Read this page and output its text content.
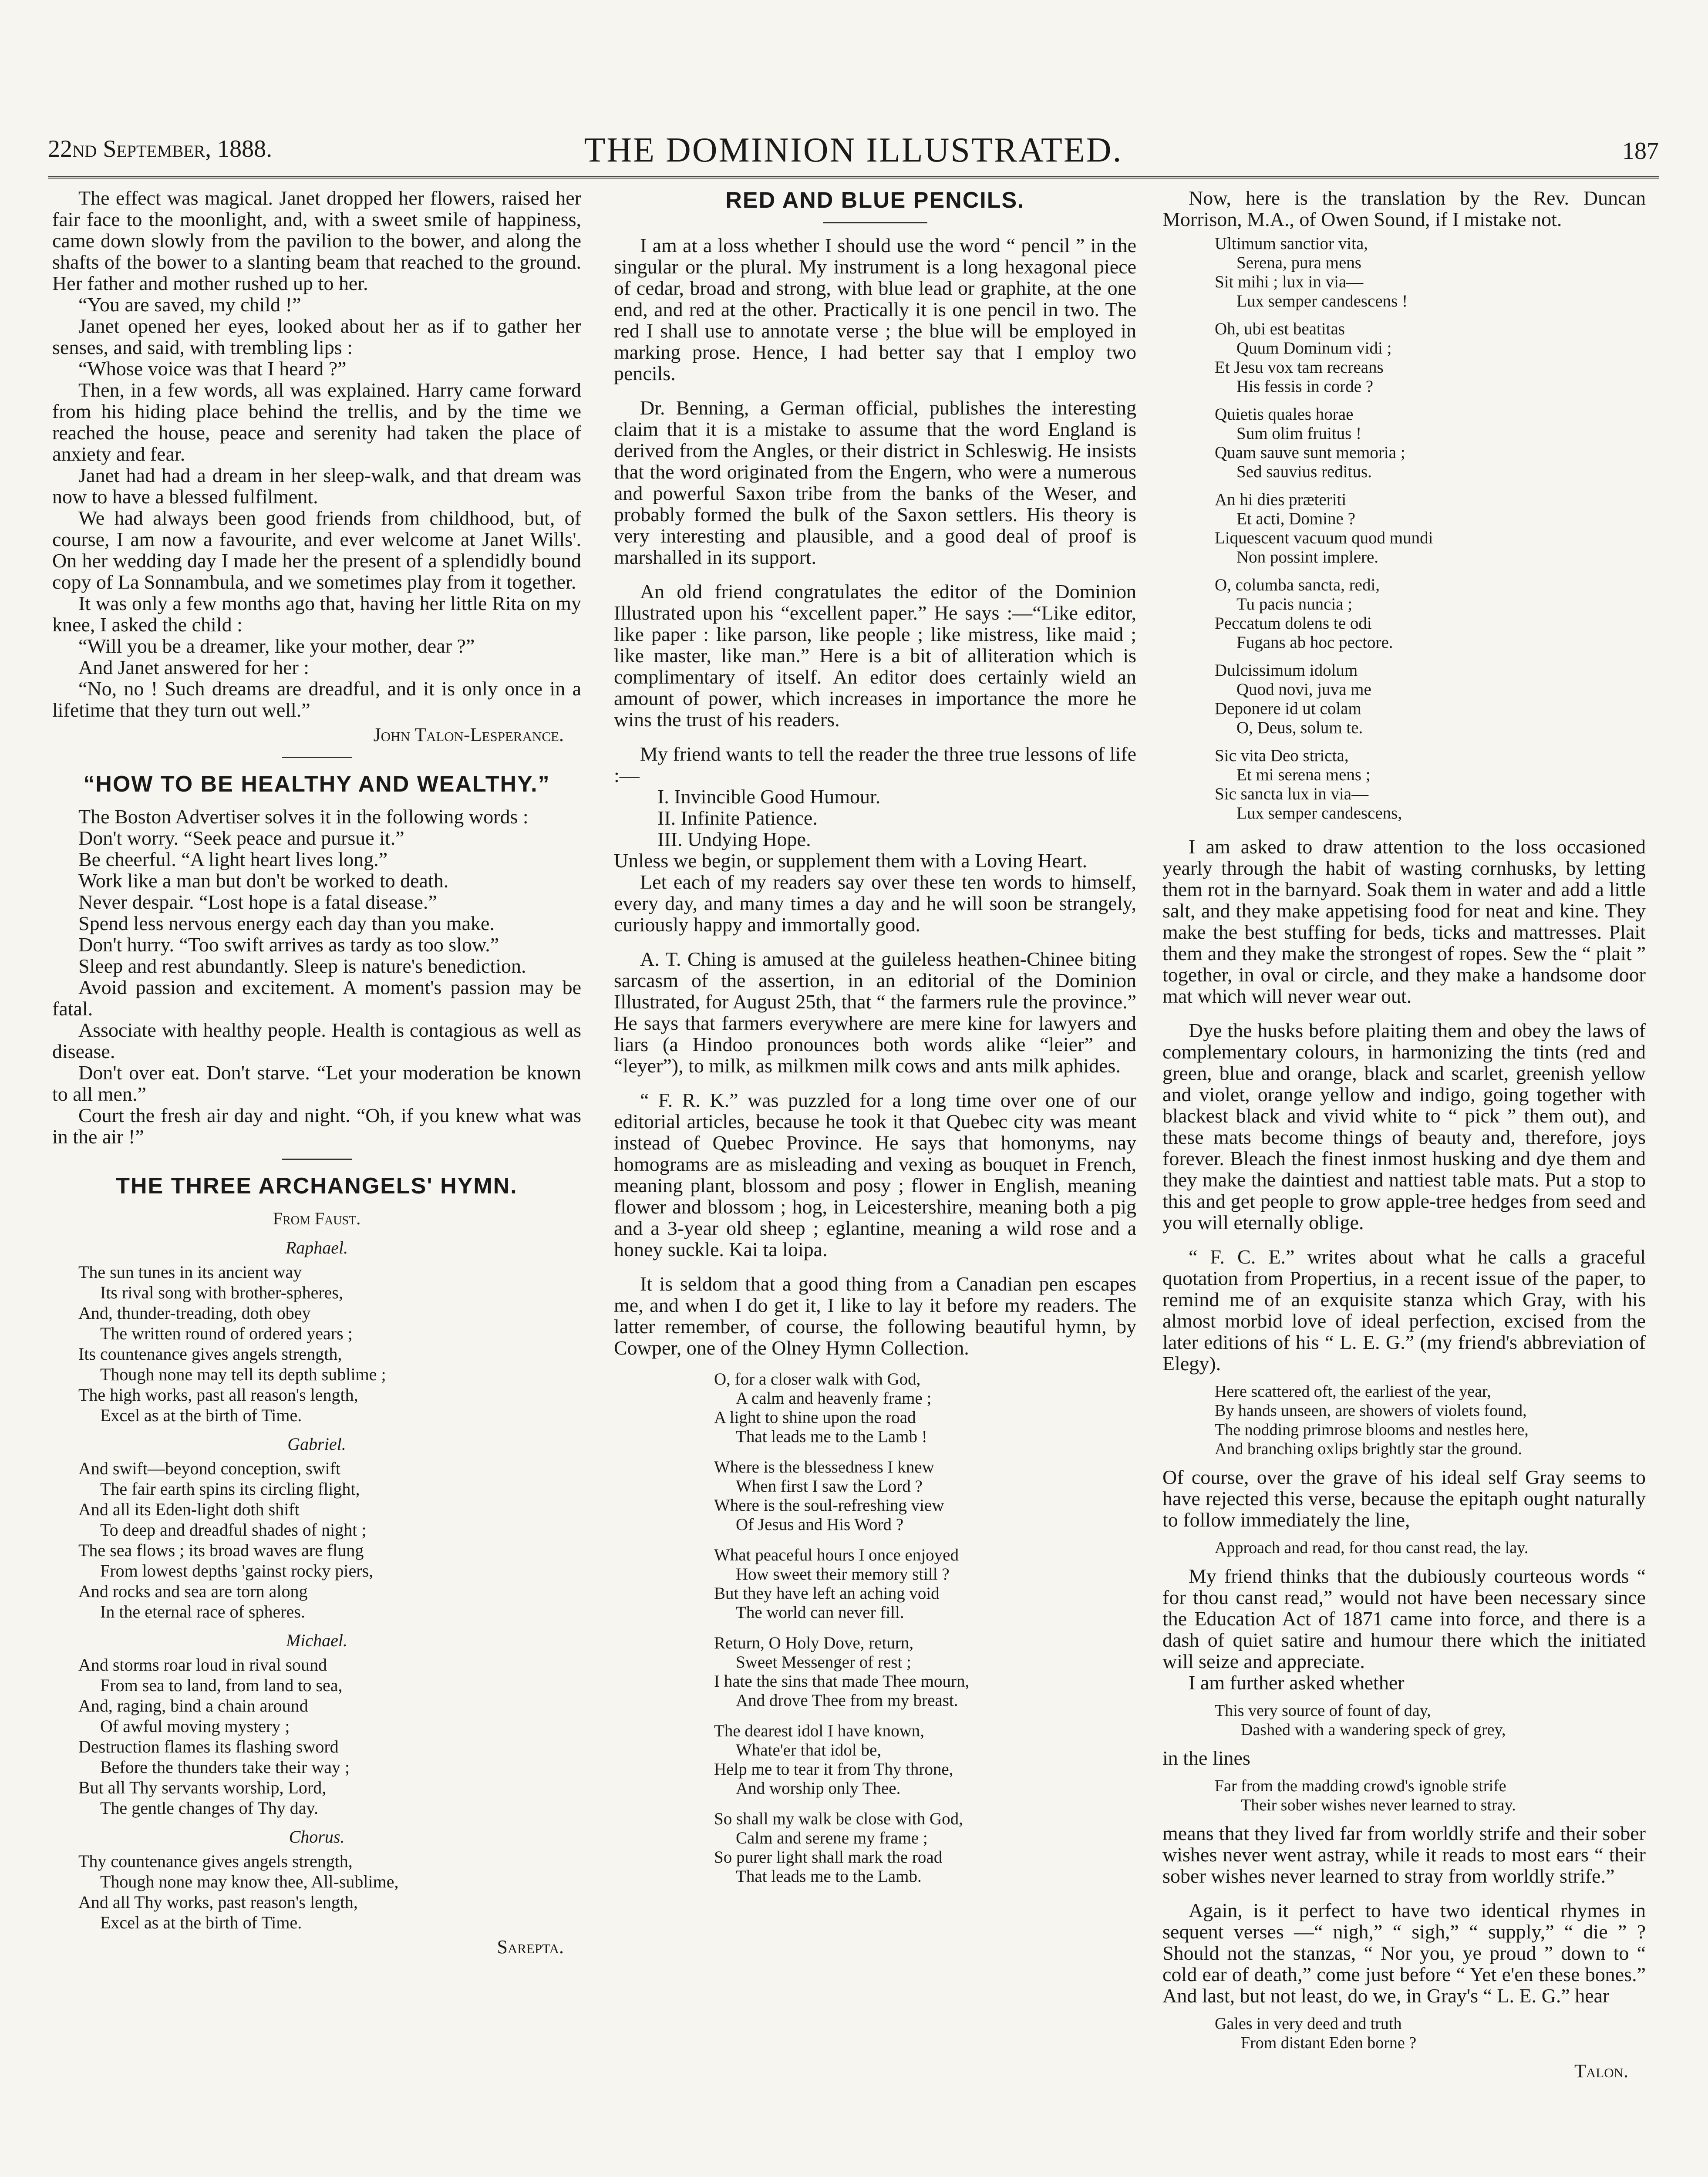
22nd September, 1888.	THE DOMINION ILLUSTRATED.	187

The effect was magical. Janet dropped her flowers, raised her fair face to the moonlight, and, with a sweet smile of happiness, came down slowly from the pavilion to the bower, and along the shafts of the bower to a slanting beam that reached to the ground. Her father and mother rushed up to her.

“You are saved, my child !”

Janet opened her eyes, looked about her as if to gather her senses, and said, with trembling lips :

“Whose voice was that I heard ?”

Then, in a few words, all was explained. Harry came forward from his hiding place behind the trellis, and by the time we reached the house, peace and serenity had taken the place of anxiety and fear.

Janet had had a dream in her sleep-walk, and that dream was now to have a blessed fulfilment.

We had always been good friends from childhood, but, of course, I am now a favourite, and ever welcome at Janet Wills'. On her wedding day I made her the present of a splendidly bound copy of La Sonnambula, and we sometimes play from it together.

It was only a few months ago that, having her little Rita on my knee, I asked the child :

“Will you be a dreamer, like your mother, dear ?”

And Janet answered for her :

“No, no ! Such dreams are dreadful, and it is only once in a lifetime that they turn out well.”

John Talon-Lesperance.
“HOW TO BE HEALTHY AND WEALTHY.”

The Boston Advertiser solves it in the following words :

Don't worry. “Seek peace and pursue it.”

Be cheerful. “A light heart lives long.”

Work like a man but don't be worked to death.

Never despair. “Lost hope is a fatal disease.”

Spend less nervous energy each day than you make.

Don't hurry. “Too swift arrives as tardy as too slow.”

Sleep and rest abundantly. Sleep is nature's benediction.

Avoid passion and excitement. A moment's passion may be fatal.

Associate with healthy people. Health is contagious as well as disease.

Don't over eat. Don't starve. “Let your moderation be known to all men.”

Court the fresh air day and night. “Oh, if you knew what was in the air !”

THE THREE ARCHANGELS' HYMN.
From Faust.
Raphael.
The sun tunes in its ancient way
Its rival song with brother-spheres,
And, thunder-treading, doth obey
The written round of ordered years ;
Its countenance gives angels strength,
Though none may tell its depth sublime ;
The high works, past all reason's length,
Excel as at the birth of Time.
Gabriel.
And swift—beyond conception, swift
The fair earth spins its circling flight,
And all its Eden-light doth shift
To deep and dreadful shades of night ;
The sea flows ; its broad waves are flung
From lowest depths 'gainst rocky piers,
And rocks and sea are torn along
In the eternal race of spheres.
Michael.
And storms roar loud in rival sound
From sea to land, from land to sea,
And, raging, bind a chain around
Of awful moving mystery ;
Destruction flames its flashing sword
Before the thunders take their way ;
But all Thy servants worship, Lord,
The gentle changes of Thy day.
Chorus.
Thy countenance gives angels strength,
Though none may know thee, All-sublime,
And all Thy works, past reason's length,
Excel as at the birth of Time.
Sarepta.
RED AND BLUE PENCILS.

I am at a loss whether I should use the word “ pencil ” in the singular or the plural. My instrument is a long hexagonal piece of cedar, broad and strong, with blue lead or graphite, at the one end, and red at the other. Practically it is one pencil in two. The red I shall use to annotate verse ; the blue will be employed in marking prose. Hence, I had better say that I employ two pencils.

Dr. Benning, a German official, publishes the interesting claim that it is a mistake to assume that the word England is derived from the Angles, or their district in Schleswig. He insists that the word originated from the Engern, who were a numerous and powerful Saxon tribe from the banks of the Weser, and probably formed the bulk of the Saxon settlers. His theory is very interesting and plausible, and a good deal of proof is marshalled in its support.

An old friend congratulates the editor of the Dominion Illustrated upon his “excellent paper.” He says :—“Like editor, like paper : like parson, like people ; like mistress, like maid ; like master, like man.” Here is a bit of alliteration which is complimentary of itself. An editor does certainly wield an amount of power, which increases in importance the more he wins the trust of his readers.

My friend wants to tell the reader the three true lessons of life :—

I. Invincible Good Humour.
II. Infinite Patience.
III. Undying Hope.

Unless we begin, or supplement them with a Loving Heart.

Let each of my readers say over these ten words to himself, every day, and many times a day and he will soon be strangely, curiously happy and immortally good.

A. T. Ching is amused at the guileless heathen-Chinee biting sarcasm of the assertion, in an editorial of the Dominion Illustrated, for August 25th, that “ the farmers rule the province.” He says that farmers everywhere are mere kine for lawyers and liars (a Hindoo pronounces both words alike “leier” and “leyer”), to milk, as milkmen milk cows and ants milk aphides.

“ F. R. K.” was puzzled for a long time over one of our editorial articles, because he took it that Quebec city was meant instead of Quebec Province. He says that homonyms, nay homograms are as misleading and vexing as bouquet in French, meaning plant, blossom and posy ; flower in English, meaning flower and blossom ; hog, in Leicestershire, meaning both a pig and a 3-year old sheep ; eglantine, meaning a wild rose and a honey suckle. Kai ta loipa.

It is seldom that a good thing from a Canadian pen escapes me, and when I do get it, I like to lay it before my readers. The latter remember, of course, the following beautiful hymn, by Cowper, one of the Olney Hymn Collection.

O, for a closer walk with God,
A calm and heavenly frame ;
A light to shine upon the road
That leads me to the Lamb !
Where is the blessedness I knew
When first I saw the Lord ?
Where is the soul-refreshing view
Of Jesus and His Word ?
What peaceful hours I once enjoyed
How sweet their memory still ?
But they have left an aching void
The world can never fill.
Return, O Holy Dove, return,
Sweet Messenger of rest ;
I hate the sins that made Thee mourn,
And drove Thee from my breast.
The dearest idol I have known,
Whate'er that idol be,
Help me to tear it from Thy throne,
And worship only Thee.
So shall my walk be close with God,
Calm and serene my frame ;
So purer light shall mark the road
That leads me to the Lamb.

Now, here is the translation by the Rev. Duncan Morrison, M.A., of Owen Sound, if I mistake not.

Ultimum sanctior vita,
Serena, pura mens
Sit mihi ; lux in via—
Lux semper candescens !
Oh, ubi est beatitas
Quum Dominum vidi ;
Et Jesu vox tam recreans
His fessis in corde ?
Quietis quales horae
Sum olim fruitus !
Quam sauve sunt memoria ;
Sed sauvius reditus.
An hi dies præteriti
Et acti, Domine ?
Liquescent vacuum quod mundi
Non possint implere.
O, columba sancta, redi,
Tu pacis nuncia ;
Peccatum dolens te odi
Fugans ab hoc pectore.
Dulcissimum idolum
Quod novi, juva me
Deponere id ut colam
O, Deus, solum te.
Sic vita Deo stricta,
Et mi serena mens ;
Sic sancta lux in via—
Lux semper candescens,

I am asked to draw attention to the loss occasioned yearly through the habit of wasting cornhusks, by letting them rot in the barnyard. Soak them in water and add a little salt, and they make appetising food for neat and kine. They make the best stuffing for beds, ticks and mattresses. Plait them and they make the strongest of ropes. Sew the “ plait ” together, in oval or circle, and they make a handsome door mat which will never wear out.

Dye the husks before plaiting them and obey the laws of complementary colours, in harmonizing the tints (red and green, blue and orange, black and scarlet, greenish yellow and violet, orange yellow and indigo, going together with blackest black and vivid white to “ pick ” them out), and these mats become things of beauty and, therefore, joys forever. Bleach the finest inmost husking and dye them and they make the daintiest and nattiest table mats. Put a stop to this and get people to grow apple-tree hedges from seed and you will eternally oblige.

“ F. C. E.” writes about what he calls a graceful quotation from Propertius, in a recent issue of the paper, to remind me of an exquisite stanza which Gray, with his almost morbid love of ideal perfection, excised from the later editions of his “ L. E. G.” (my friend's abbreviation of Elegy).

Here scattered oft, the earliest of the year,
By hands unseen, are showers of violets found,
The nodding primrose blooms and nestles here,
And branching oxlips brightly star the ground.

Of course, over the grave of his ideal self Gray seems to have rejected this verse, because the epitaph ought naturally to follow immediately the line,

Approach and read, for thou canst read, the lay.

My friend thinks that the dubiously courteous words “ for thou canst read,” would not have been necessary since the Education Act of 1871 came into force, and there is a dash of quiet satire and humour there which the initiated will seize and appreciate.

I am further asked whether

This very source of fount of day,
Dashed with a wandering speck of grey,

in the lines

Far from the madding crowd's ignoble strife
Their sober wishes never learned to stray.

means that they lived far from worldly strife and their sober wishes never went astray, while it reads to most ears “ their sober wishes never learned to stray from worldly strife.”

Again, is it perfect to have two identical rhymes in sequent verses —“ nigh,” “ sigh,” “ supply,” “ die ” ? Should not the stanzas, “ Nor you, ye proud ” down to “ cold ear of death,” come just before “ Yet e'en these bones.” And last, but not least, do we, in Gray's “ L. E. G.” hear

Gales in very deed and truth
From distant Eden borne ?
Talon.
